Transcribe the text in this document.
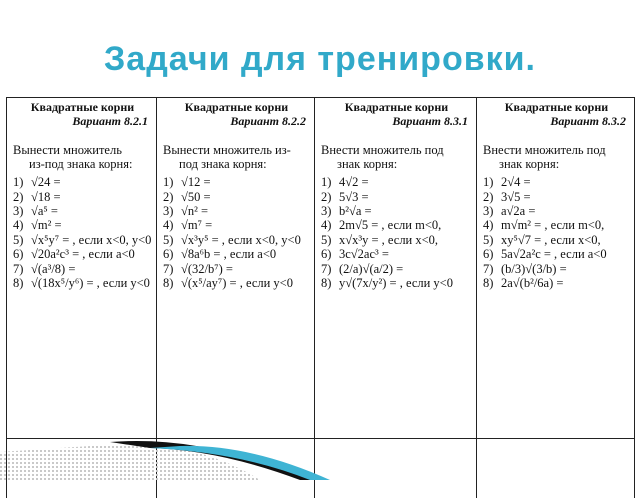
Задачи для тренировки.
Квадратные корни
Вариант 8.2.1
Вынести множитель
из-под знака корня:
1) √24 =
2) √18 =
3) √a⁵ =
4) √m² =
5) √x⁵y⁷ = , если x<0, y<0
6) √20a²c³ = , если a<0
7) √(a³/8) =
8) √(18x⁵/y⁶) = , если y<0
Квадратные корни
Вариант 8.2.2
Вынести множитель из-
под знака корня:
1) √12 =
2) √50 =
3) √n² =
4) √m⁷ =
5) √x³y⁵ = , если x<0, y<0
6) √8a⁶b = , если a<0
7) √(32/b⁷) =
8) √(x⁵/ay⁷) = , если y<0
Квадратные корни
Вариант 8.3.1
Внести множитель под
знак корня:
1) 4√2 =
2) 5√3 =
3) b²√a =
4) 2m√5 = , если m<0,
5) x√x³y = , если x<0,
6) 3c√2ac³ =
7) (2/a)√(a/2) =
8) y√(7x/y²) = , если y<0
Квадратные корни
Вариант 8.3.2
Внести множитель под
знак корня:
1) 2√4 =
2) 3√5 =
3) a√2a =
4) m√m² = , если m<0,
5) xy⁵√7 = , если x<0,
6) 5a√2a²c = , если a<0
7) (b/3)√(3/b) =
8) 2a√(b²/6a) =
